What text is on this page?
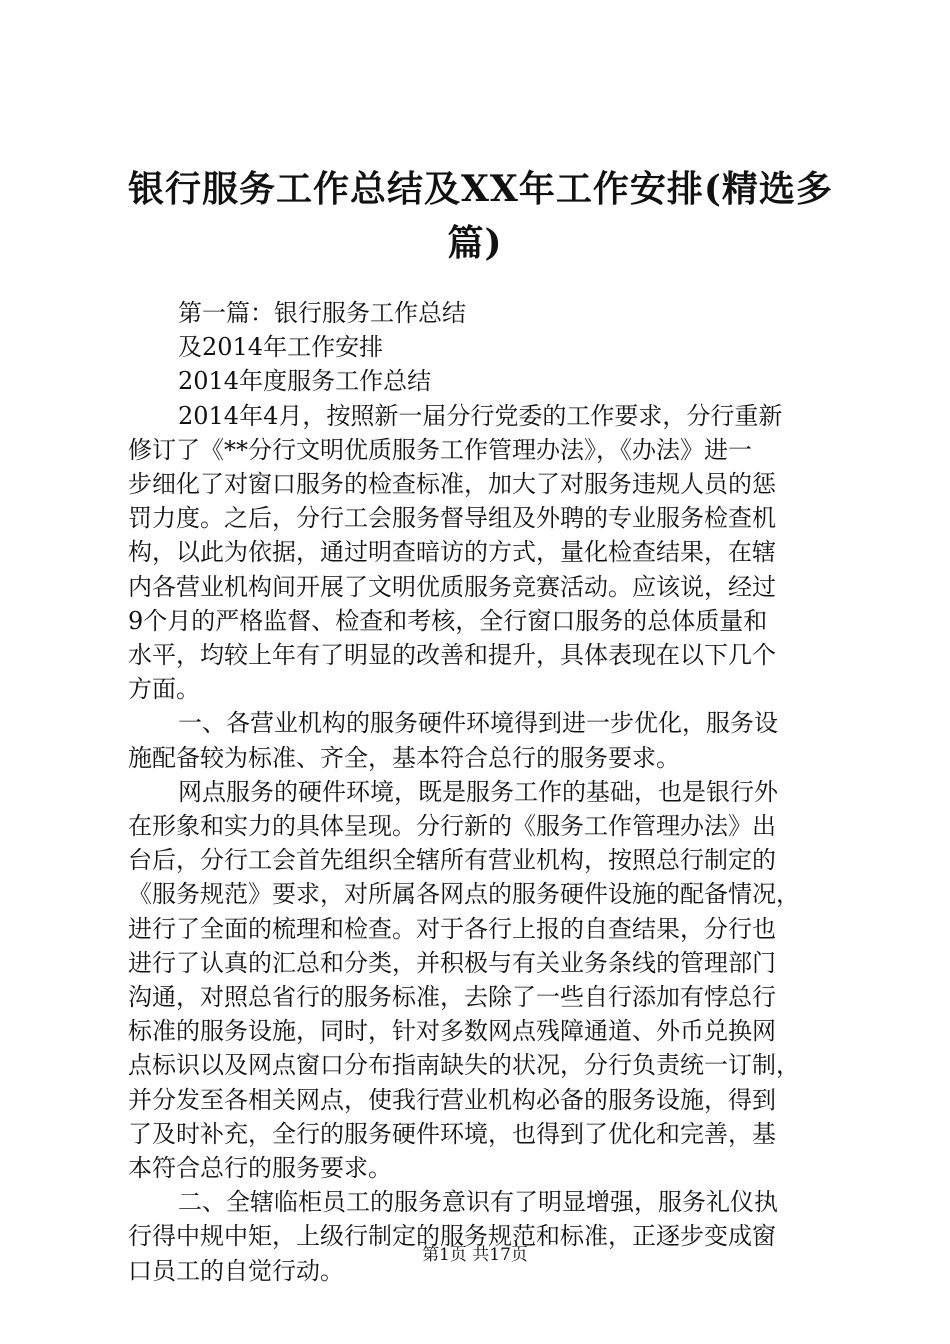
银行服务工作总结及XX年工作安排(精选多
篇)
第一篇：银行服务工作总结
及2014年工作安排
2014年度服务工作总结
2014年4月，按照新一届分行党委的工作要求，分行重新
修订了《**分行文明优质服务工作管理办法》，《办法》进一
步细化了对窗口服务的检查标准，加大了对服务违规人员的惩
罚力度。之后，分行工会服务督导组及外聘的专业服务检查机
构，以此为依据，通过明查暗访的方式，量化检查结果，在辖
内各营业机构间开展了文明优质服务竞赛活动。应该说，经过
9个月的严格监督、检查和考核，全行窗口服务的总体质量和
水平，均较上年有了明显的改善和提升，具体表现在以下几个
方面。
一、各营业机构的服务硬件环境得到进一步优化，服务设
施配备较为标准、齐全，基本符合总行的服务要求。
网点服务的硬件环境，既是服务工作的基础，也是银行外
在形象和实力的具体呈现。分行新的《服务工作管理办法》出
台后，分行工会首先组织全辖所有营业机构，按照总行制定的
《服务规范》要求，对所属各网点的服务硬件设施的配备情况，
进行了全面的梳理和检查。对于各行上报的自查结果，分行也
进行了认真的汇总和分类，并积极与有关业务条线的管理部门
沟通，对照总省行的服务标准，去除了一些自行添加有悖总行
标准的服务设施，同时，针对多数网点残障通道、外币兑换网
点标识以及网点窗口分布指南缺失的状况，分行负责统一订制，
并分发至各相关网点，使我行营业机构必备的服务设施，得到
了及时补充，全行的服务硬件环境，也得到了优化和完善，基
本符合总行的服务要求。
二、全辖临柜员工的服务意识有了明显增强，服务礼仪执
行得中规中矩，上级行制定的服务规范和标准，正逐步变成窗
口员工的自觉行动。
第1页 共17页
